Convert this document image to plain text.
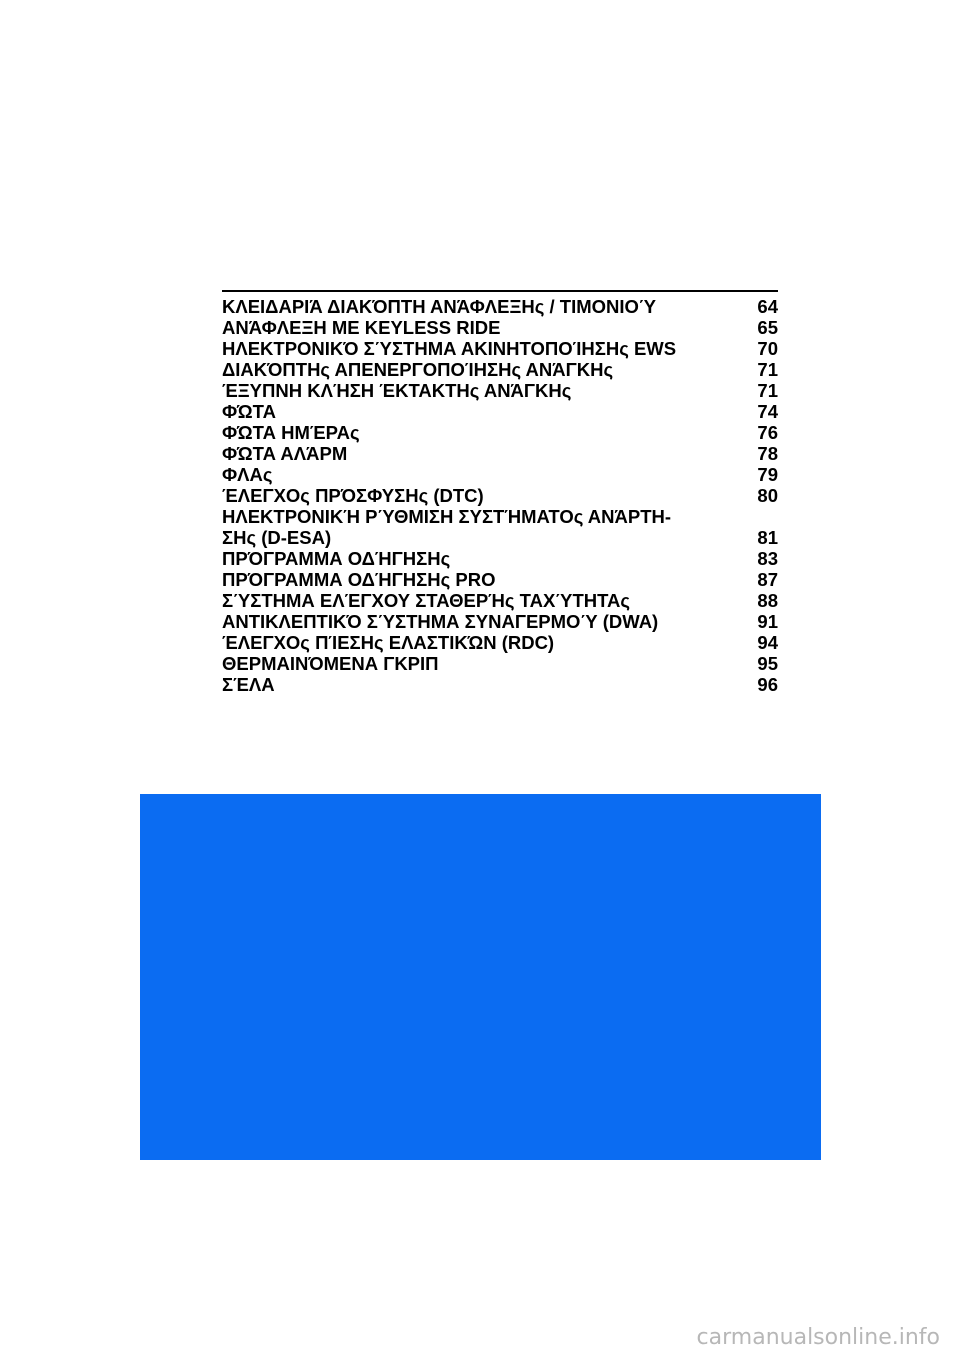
ΚΛΕΙΔΑΡΙΆ ΔΙΑΚΌΠΤΗ ΑΝΆΦΛΕΞΗς / ΤΙΜΟΝΙΟΎ	64
ΑΝΆΦΛΕΞΗ ΜΕ KEYLESS RIDE	65
ΗΛΕΚΤΡΟΝΙΚΌ ΣΎΣΤΗΜΑ ΑΚΙΝΗΤΟΠΟΊΗΣΗς EWS	70
ΔΙΑΚΌΠΤΗς ΑΠΕΝΕΡΓΟΠΟΊΗΣΗς ΑΝΆΓΚΗς	71
ΈΞΥΠΝΗ ΚΛΉΣΗ ΈΚΤΑΚΤΗς ΑΝΆΓΚΗς	71
ΦΏΤΑ	74
ΦΏΤΑ ΗΜΈΡΑς	76
ΦΏΤΑ ΑΛΆΡΜ	78
ΦΛΑς	79
ΈΛΕΓΧΟς ΠΡΌΣΦΥΣΗς (DTC)	80
ΗΛΕΚΤΡΟΝΙΚΉ ΡΎΘΜΙΣΗ ΣΥΣΤΉΜΑΤΟς ΑΝΆΡΤΗ-
ΣΗς (D-ESA)	81
ΠΡΌΓΡΑΜΜΑ ΟΔΉΓΗΣΗς	83
ΠΡΌΓΡΑΜΜΑ ΟΔΉΓΗΣΗς PRO	87
ΣΎΣΤΗΜΑ ΕΛΈΓΧΟΥ ΣΤΑΘΕΡΉς ΤΑΧΎΤΗΤΑς	88
ΑΝΤΙΚΛΕΠΤΙΚΌ ΣΎΣΤΗΜΑ ΣΥΝΑΓΕΡΜΟΎ (DWA)	91
ΈΛΕΓΧΟς ΠΊΕΣΗς ΕΛΑΣΤΙΚΏΝ (RDC)	94
ΘΕΡΜΑΙΝΌΜΕΝΑ ΓΚΡΙΠ	95
ΣΈΛΑ	96
carmanualsonline.info
